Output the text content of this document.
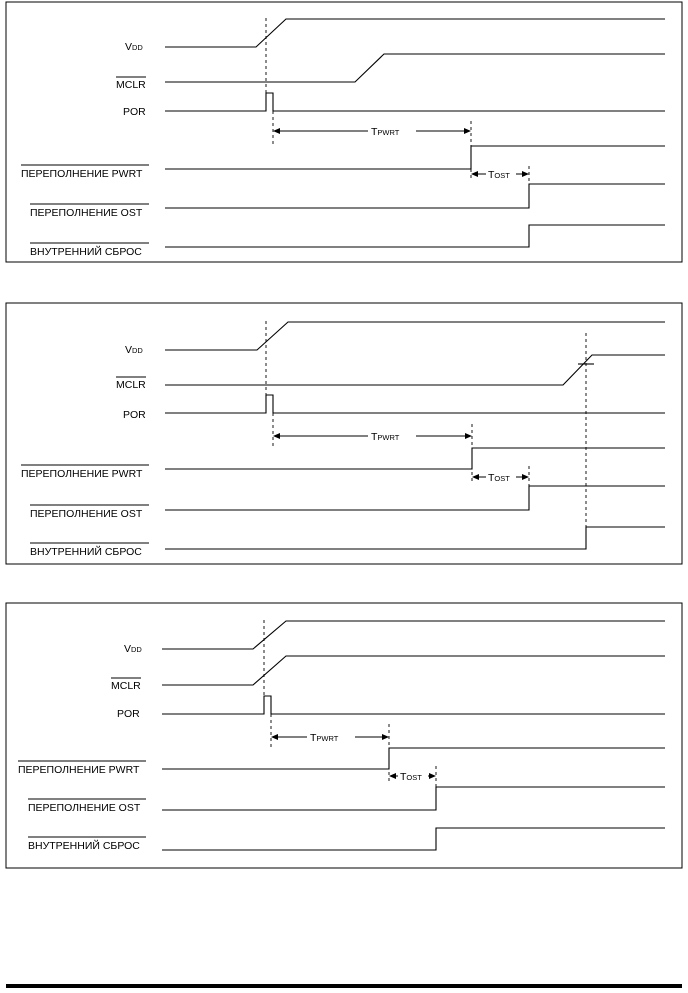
VDD
MCLR
POR
ПЕРЕПОЛНЕНИЕ PWRT
ПЕРЕПОЛНЕНИЕ OST
ВНУТРЕННИЙ СБРОС
TPWRT
TOST
VDD
MCLR
POR
ПЕРЕПОЛНЕНИЕ PWRT
ПЕРЕПОЛНЕНИЕ OST
ВНУТРЕННИЙ СБРОС
TPWRT
TOST
VDD
MCLR
POR
ПЕРЕПОЛНЕНИЕ PWRT
ПЕРЕПОЛНЕНИЕ OST
ВНУТРЕННИЙ СБРОС
TPWRT
TOST
